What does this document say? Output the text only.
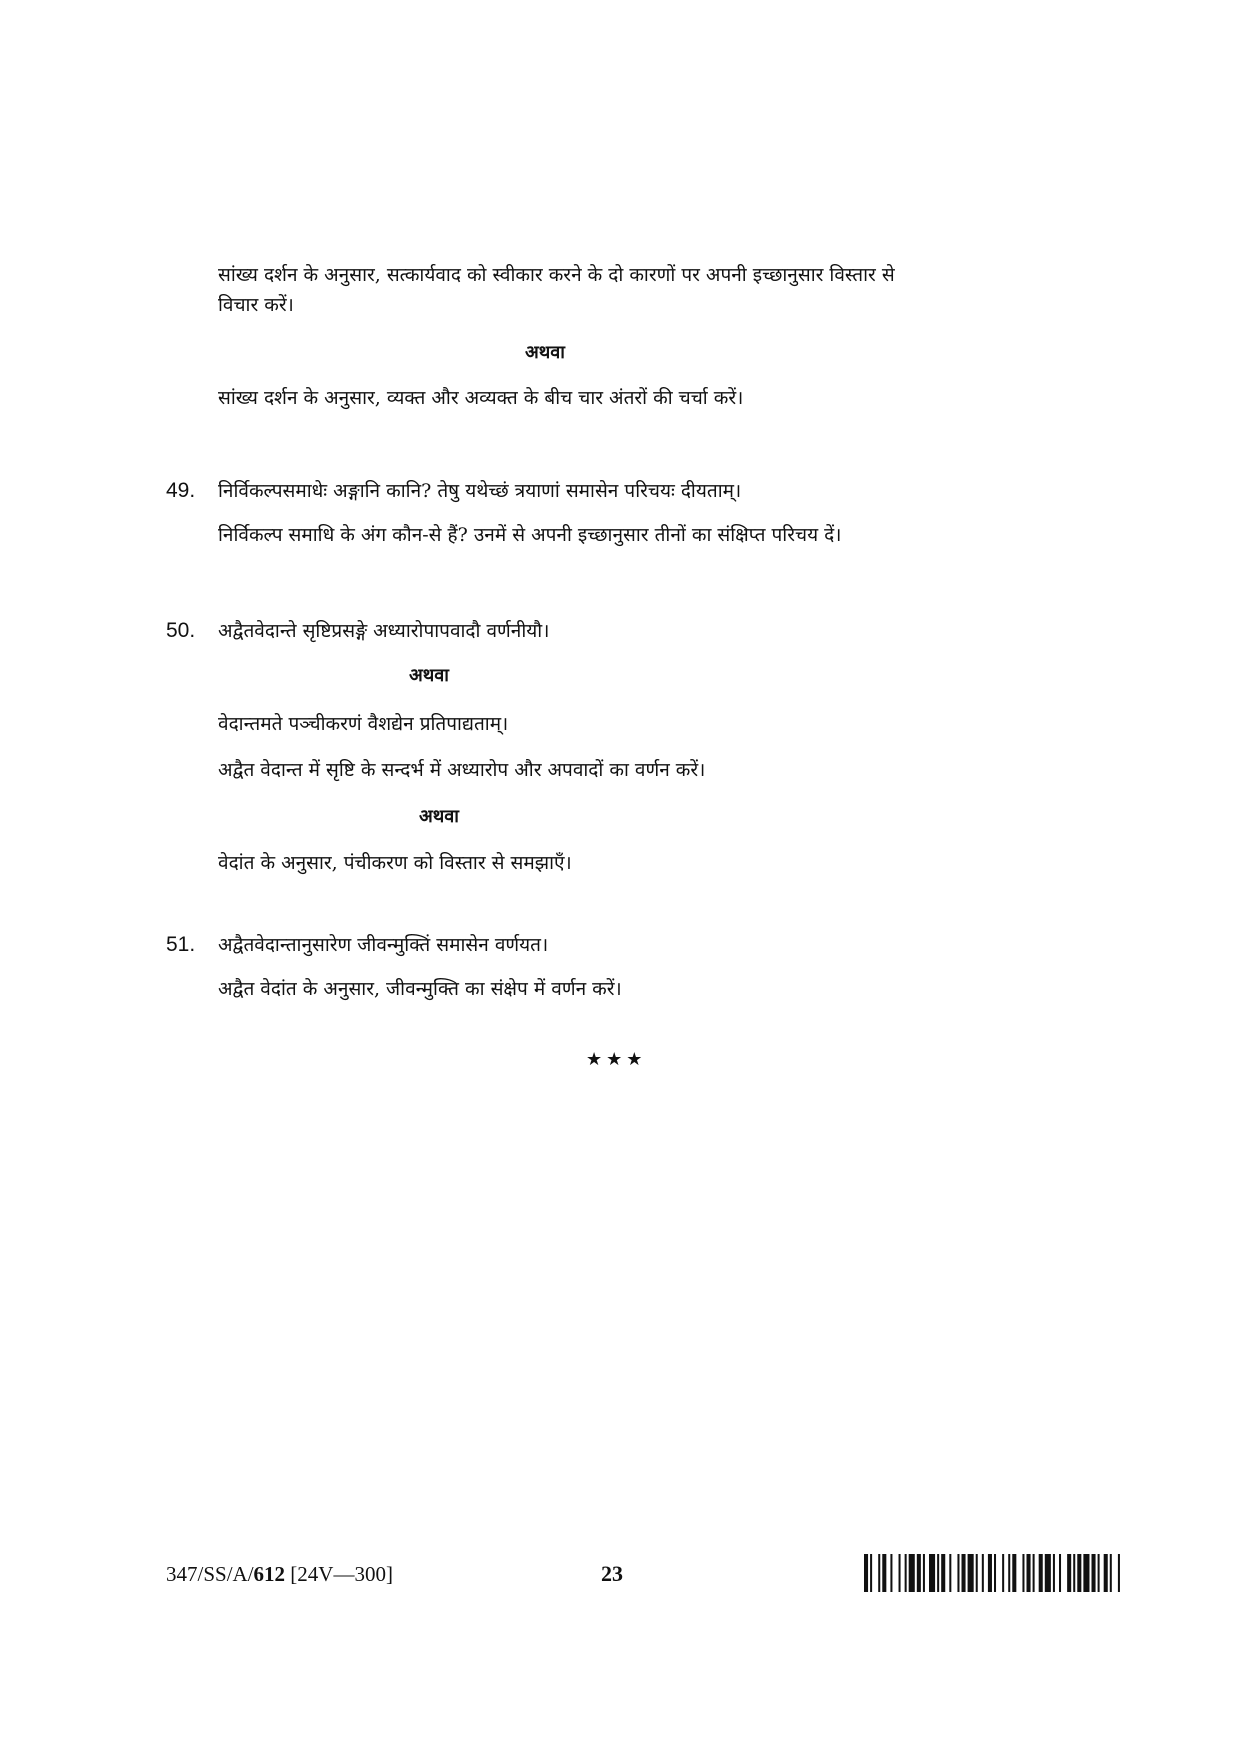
सांख्य दर्शन के अनुसार, सत्कार्यवाद को स्वीकार करने के दो कारणों पर अपनी इच्छानुसार विस्तार से
विचार करें।
अथवा
सांख्य दर्शन के अनुसार, व्यक्त और अव्यक्त के बीच चार अंतरों की चर्चा करें।
49. निर्विकल्पसमाधेः अङ्गानि कानि? तेषु यथेच्छं त्रयाणां समासेन परिचयः दीयताम्।
निर्विकल्प समाधि के अंग कौन-से हैं? उनमें से अपनी इच्छानुसार तीनों का संक्षिप्त परिचय दें।
50. अद्वैतवेदान्ते सृष्टिप्रसङ्गे अध्यारोपापवादौ वर्णनीयौ।
अथवा
वेदान्तमते पञ्चीकरणं वैशद्येन प्रतिपाद्यताम्।
अद्वैत वेदान्त में सृष्टि के सन्दर्भ में अध्यारोप और अपवादों का वर्णन करें।
अथवा
वेदांत के अनुसार, पंचीकरण को विस्तार से समझाएँ।
51. अद्वैतवेदान्तानुसारेण जीवन्मुक्तिं समासेन वर्णयत।
अद्वैत वेदांत के अनुसार, जीवन्मुक्ति का संक्षेप में वर्णन करें।
★★★
347/SS/A/612 [24V—300]	23
